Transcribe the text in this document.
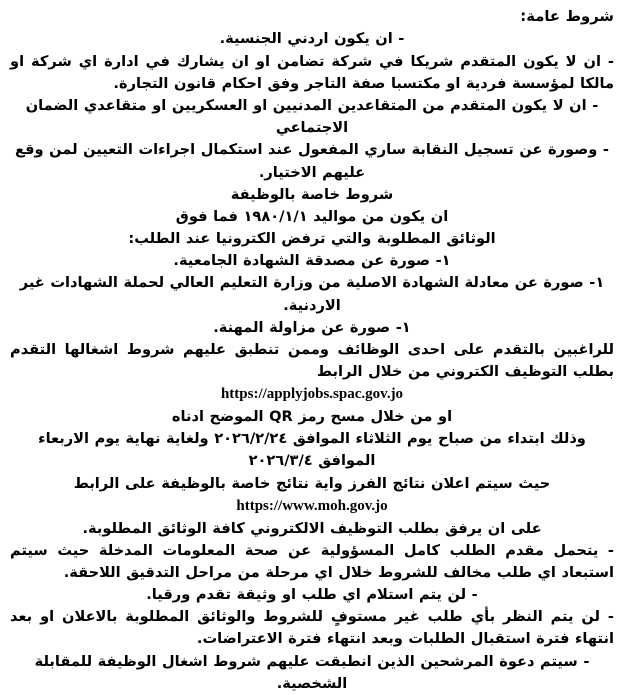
شروط عامة:

- ان يكون اردني الجنسية.

- ان لا يكون المتقدم شريكا في شركة تضامن او ان يشارك في ادارة اي شركة او مالكا لمؤسسة فردية او مكتسبا صفة التاجر وفق احكام قانون التجارة.

- ان لا يكون المتقدم من المتقاعدين المدنيين او العسكريين او متقاعدي الضمان الاجتماعي

- وصورة عن تسجيل النقابة ساري المفعول عند استكمال اجراءات التعيين لمن وقع عليهم الاختيار.

شروط خاصة بالوظيفة

ان يكون من مواليد ١٩٨٠/١/١ فما فوق

الوثائق المطلوبة والتي ترفض الكترونيا عند الطلب:

١- صورة عن مصدقة الشهادة الجامعية.

١- صورة عن معادلة الشهادة الاصلية من وزارة التعليم العالي لحملة الشهادات غير الاردنية.

١- صورة عن مزاولة المهنة.

للراغبين بالتقدم على احدى الوظائف وممن تنطبق عليهم شروط اشغالها التقدم بطلب التوظيف الكتروني من خلال الرابط

https://applyjobs.spac.gov.jo

او من خلال مسح رمز QR الموضح ادناه

وذلك ابتداء من صباح يوم الثلاثاء الموافق ٢٠٢٦/٢/٢٤ ولغاية نهاية يوم الاربعاء الموافق ٢٠٢٦/٣/٤

حيث سيتم اعلان نتائج الفرز واية نتائج خاصة بالوظيفة على الرابط https://www.moh.gov.jo

على ان يرفق بطلب التوظيف الالكتروني كافة الوثائق المطلوبة.

- يتحمل مقدم الطلب كامل المسؤولية عن صحة المعلومات المدخلة حيث سيتم استبعاد اي طلب مخالف للشروط خلال اي مرحلة من مراحل التدقيق اللاحقة.

- لن يتم استلام اي طلب او وثيقة تقدم ورقيا.

- لن يتم النظر بأي طلب غير مستوفٍ للشروط والوثائق المطلوبة بالاعلان او بعد انتهاء فترة استقبال الطلبات وبعد انتهاء فترة الاعتراضات.

- سيتم دعوة المرشحين الذين انطبقت عليهم شروط اشغال الوظيفة للمقابلة الشخصية.
